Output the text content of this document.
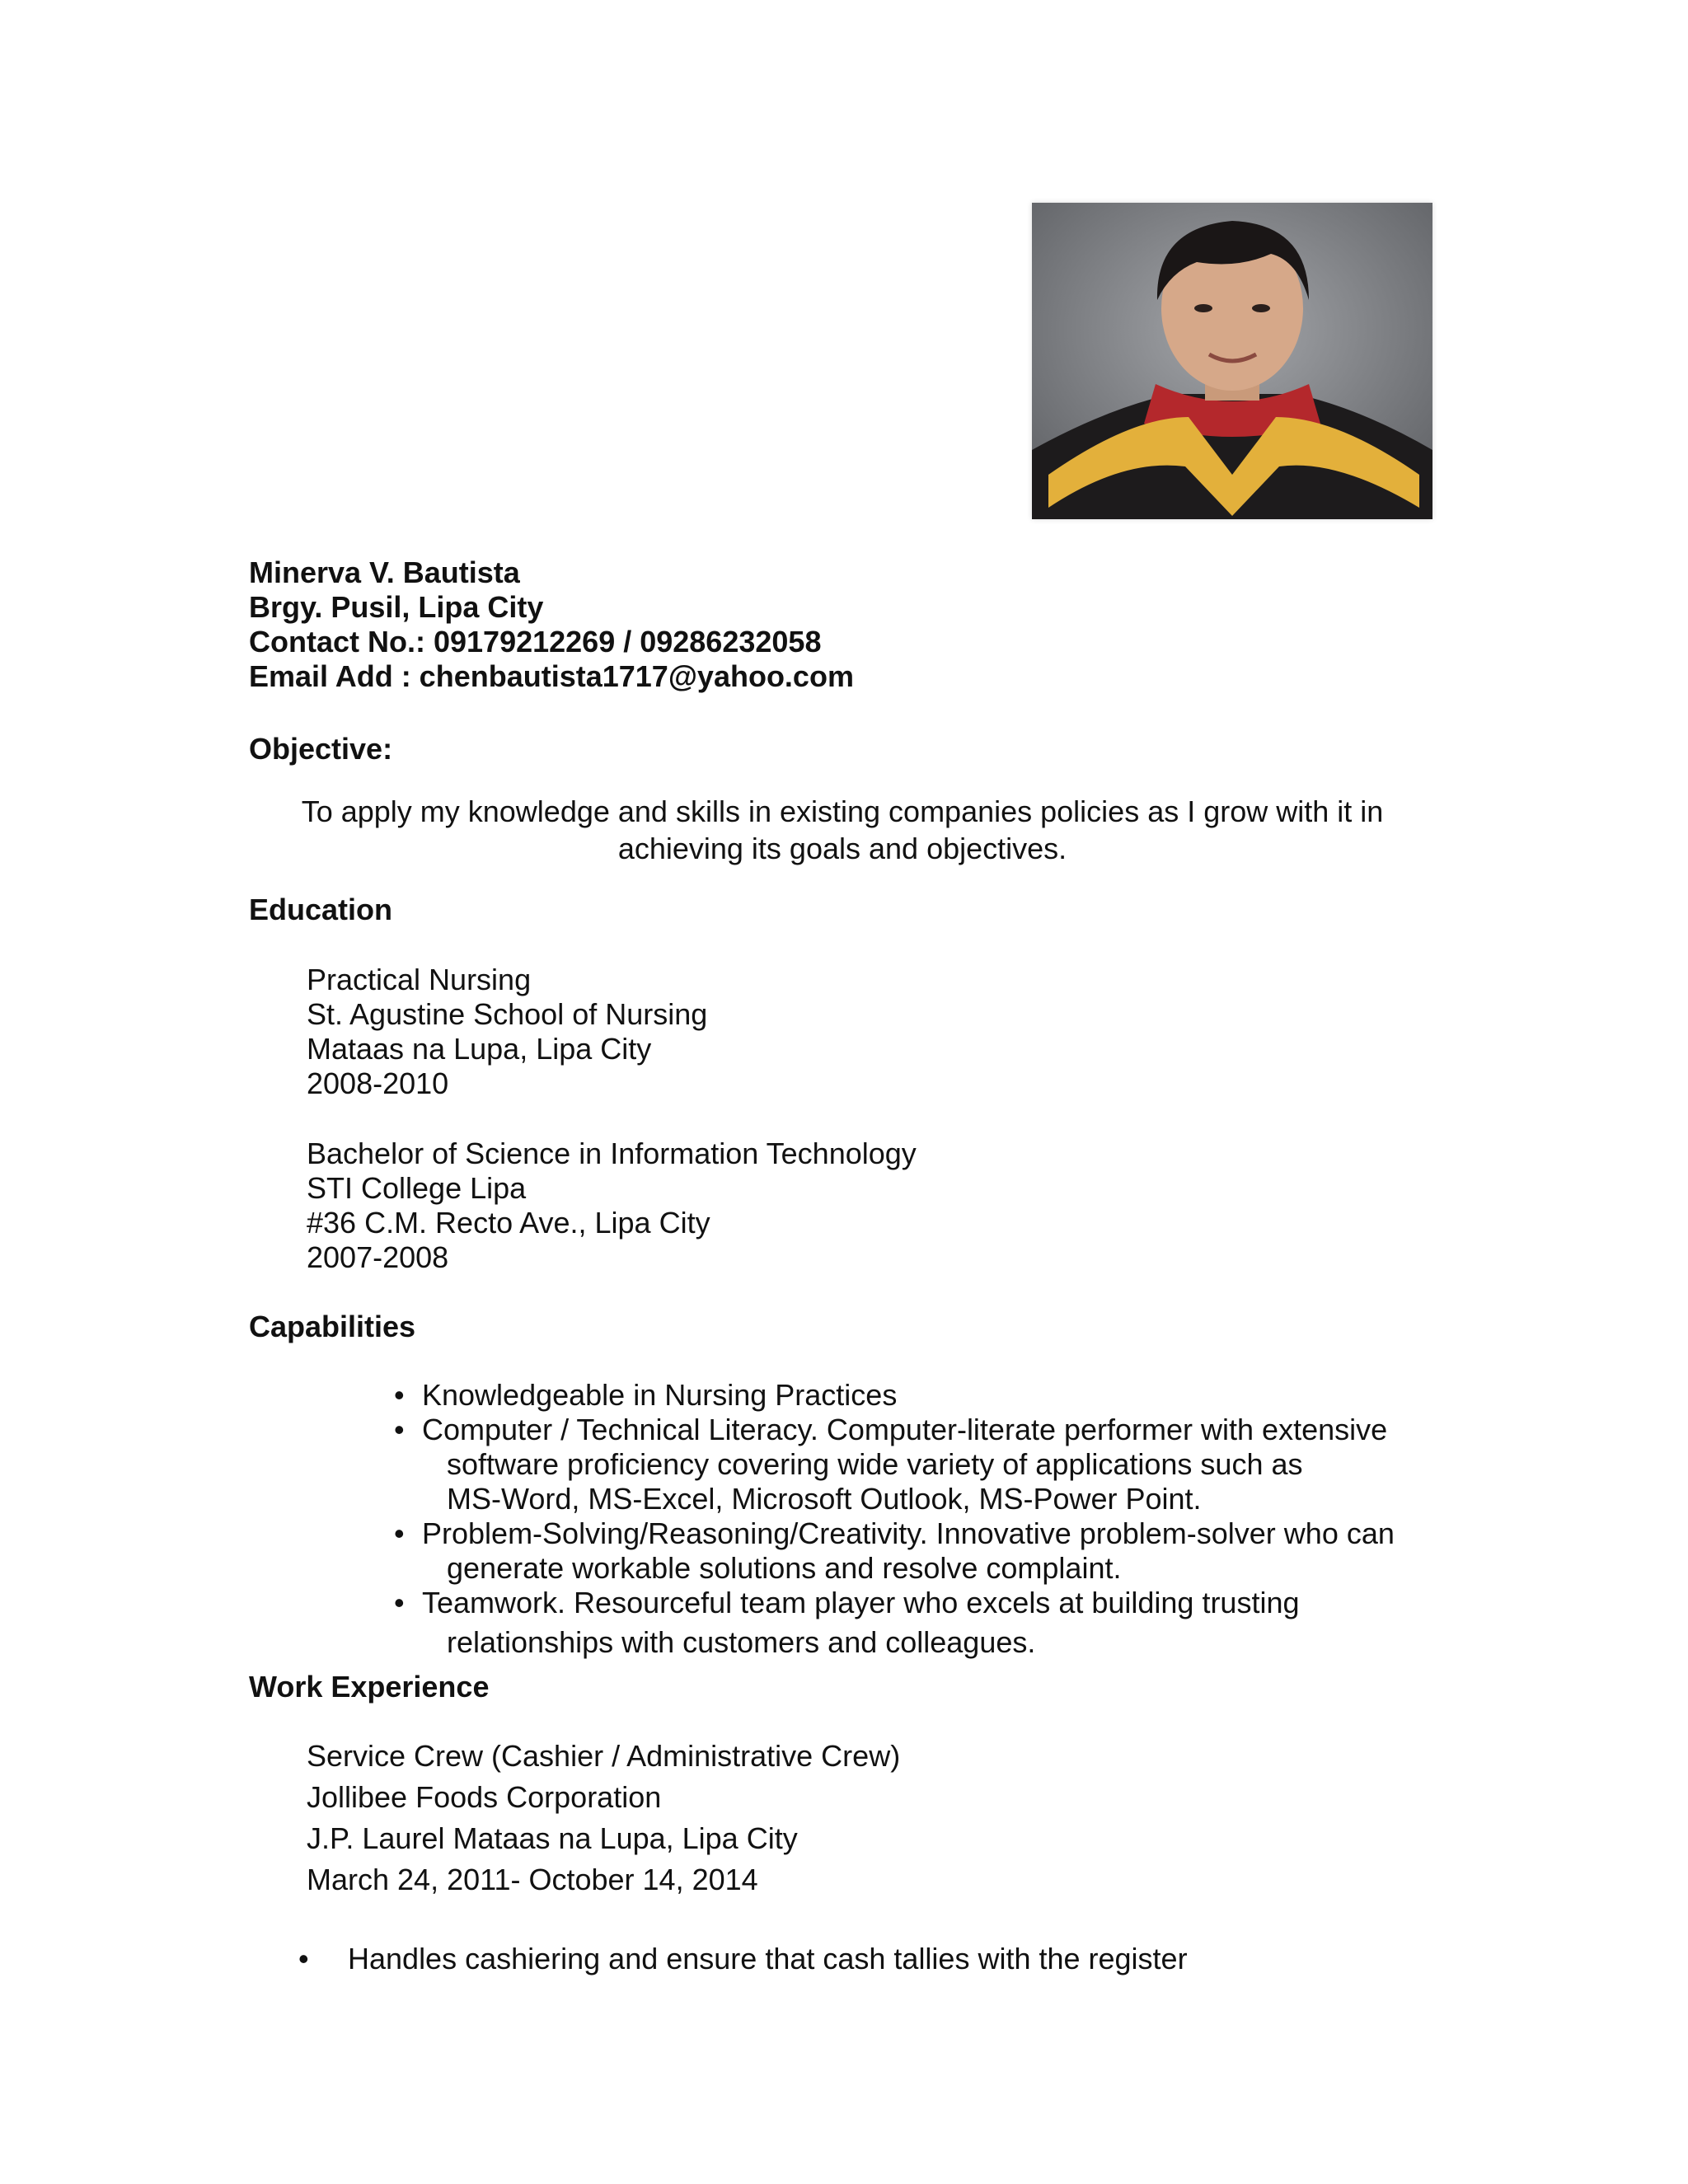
Minerva V. Bautista
Brgy. Pusil, Lipa City
Contact No.: 09179212269 / 09286232058
Email Add : chenbautista1717@yahoo.com
Objective:
To apply my knowledge and skills in existing companies policies as I grow with it in achieving its goals and objectives.
Education
Practical Nursing
St. Agustine School of Nursing
Mataas na Lupa, Lipa City
2008-2010
Bachelor of Science in Information Technology
STI College Lipa
#36 C.M. Recto Ave., Lipa City
2007-2008
Capabilities
• Knowledgeable in Nursing Practices
• Computer / Technical Literacy. Computer-literate performer with extensive
software proficiency covering wide variety of applications such as
MS-Word, MS-Excel, Microsoft Outlook, MS-Power Point.
• Problem-Solving/Reasoning/Creativity. Innovative problem-solver who can
generate workable solutions and resolve complaint.
• Teamwork. Resourceful team player who excels at building trusting
relationships with customers and colleagues.
Work Experience
Service Crew (Cashier / Administrative Crew)
Jollibee Foods Corporation
J.P. Laurel Mataas na Lupa, Lipa City
March 24, 2011- October 14, 2014
• Handles cashiering and ensure that cash tallies with the register
